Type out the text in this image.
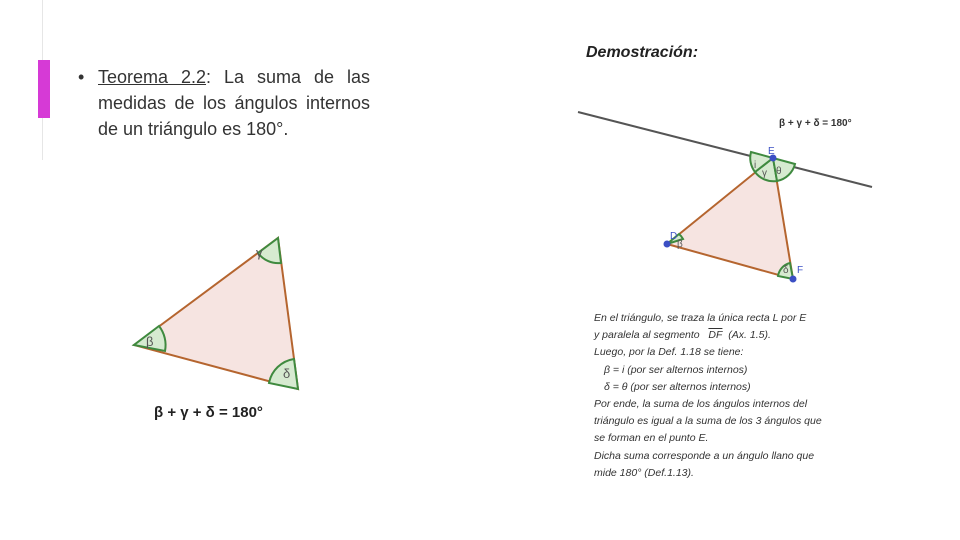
• Teorema 2.2: La suma de las medidas de los ángulos internos de un triángulo es 180°.
Demostración:
γ
β
δ
β + γ + δ = 180°
E
D
F
i
γ θ
β
δ
β + γ + δ = 180°

En el triángulo, se traza la única recta L por E

y paralela al segmento $\overline{DF}$ (Ax. 1.5).

Luego, por la Def. 1.18 se tiene:

β = i (por ser alternos internos)

δ = θ (por ser alternos internos)

Por ende, la suma de los ángulos internos del

triángulo es igual a la suma de los 3 ángulos que

se forman en el punto E.

Dicha suma corresponde a un ángulo llano que

mide 180° (Def.1.13).
